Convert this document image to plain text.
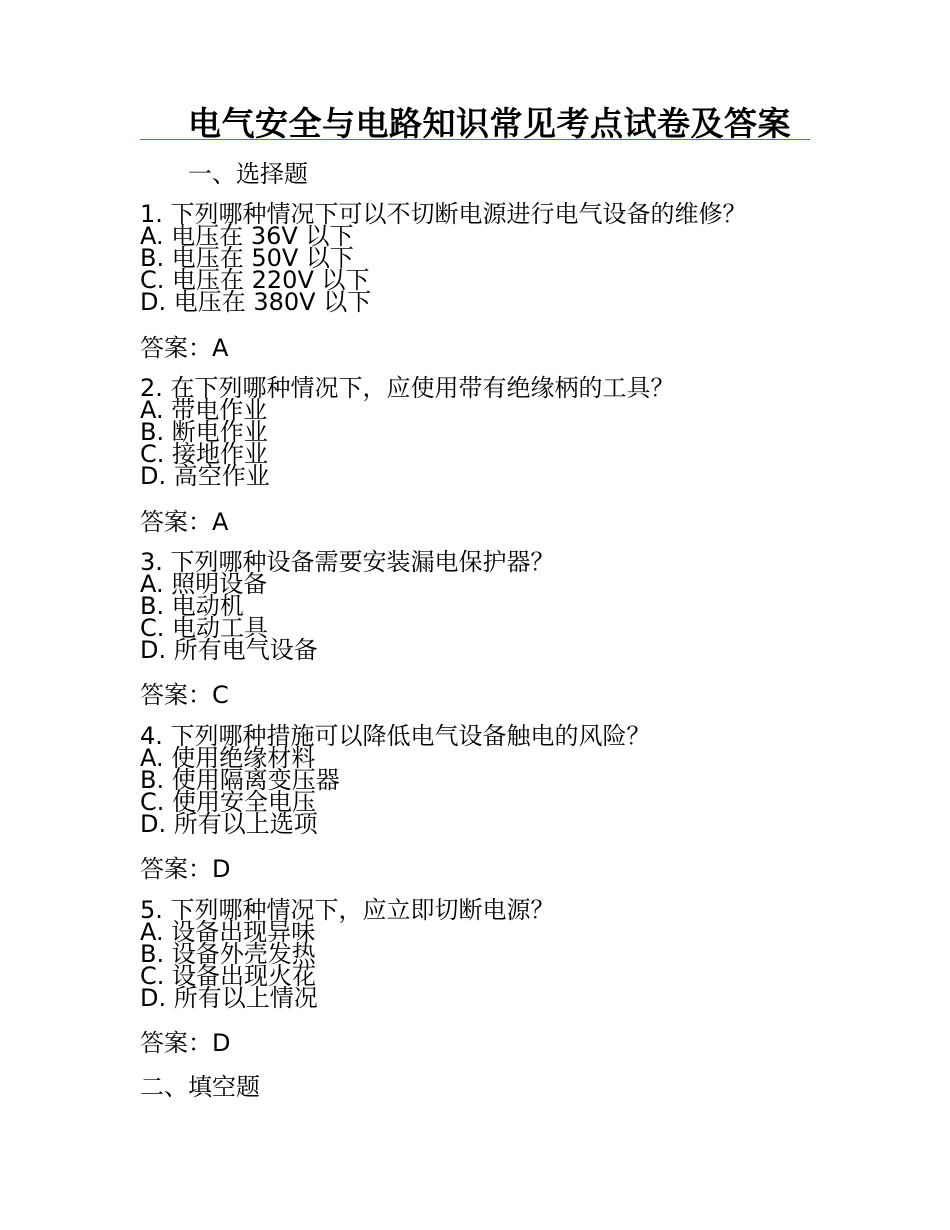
电气安全与电路知识常见考点试卷及答案
一、选择题
1. 下列哪种情况下可以不切断电源进行电气设备的维修？
A. 电压在 36V 以下
B. 电压在 50V 以下
C. 电压在 220V 以下
D. 电压在 380V 以下
答案：A
2. 在下列哪种情况下，应使用带有绝缘柄的工具？
A. 带电作业
B. 断电作业
C. 接地作业
D. 高空作业
答案：A
3. 下列哪种设备需要安装漏电保护器？
A. 照明设备
B. 电动机
C. 电动工具
D. 所有电气设备
答案：C
4. 下列哪种措施可以降低电气设备触电的风险？
A. 使用绝缘材料
B. 使用隔离变压器
C. 使用安全电压
D. 所有以上选项
答案：D
5. 下列哪种情况下，应立即切断电源？
A. 设备出现异味
B. 设备外壳发热
C. 设备出现火花
D. 所有以上情况
答案：D
二、填空题
